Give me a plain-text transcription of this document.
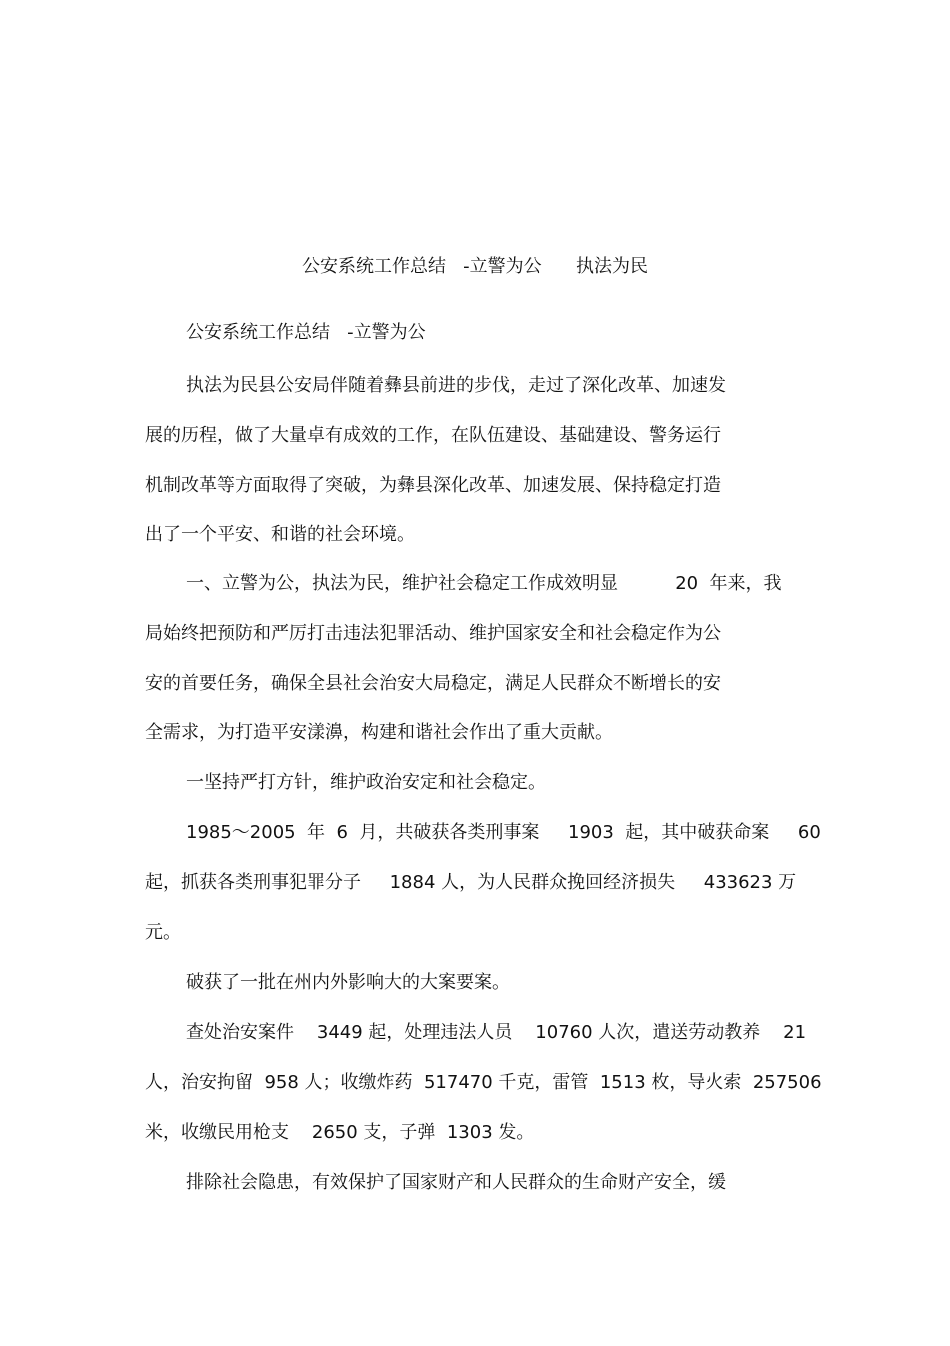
公安系统工作总结   -立警为公      执法为民
公安系统工作总结   -立警为公
执法为民县公安局伴随着彝县前进的步伐，走过了深化改革、加速发
展的历程，做了大量卓有成效的工作，在队伍建设、基础建设、警务运行
机制改革等方面取得了突破，为彝县深化改革、加速发展、保持稳定打造
出了一个平安、和谐的社会环境。
一、立警为公，执法为民，维护社会稳定工作成效明显          20  年来，我
局始终把预防和严厉打击违法犯罪活动、维护国家安全和社会稳定作为公
安的首要任务，确保全县社会治安大局稳定，满足人民群众不断增长的安
全需求，为打造平安漾濞，构建和谐社会作出了重大贡献。
一坚持严打方针，维护政治安定和社会稳定。
1985～2005  年  6  月，共破获各类刑事案     1903  起，其中破获命案     60
起，抓获各类刑事犯罪分子     1884 人，为人民群众挽回经济损失     433623 万
元。
破获了一批在州内外影响大的大案要案。
查处治安案件    3449 起，处理违法人员    10760 人次，遣送劳动教养    21
人，治安拘留  958 人；收缴炸药  517470 千克，雷管  1513 枚，导火索  257506
米，收缴民用枪支    2650 支，子弹  1303 发。
排除社会隐患，有效保护了国家财产和人民群众的生命财产安全，缓
